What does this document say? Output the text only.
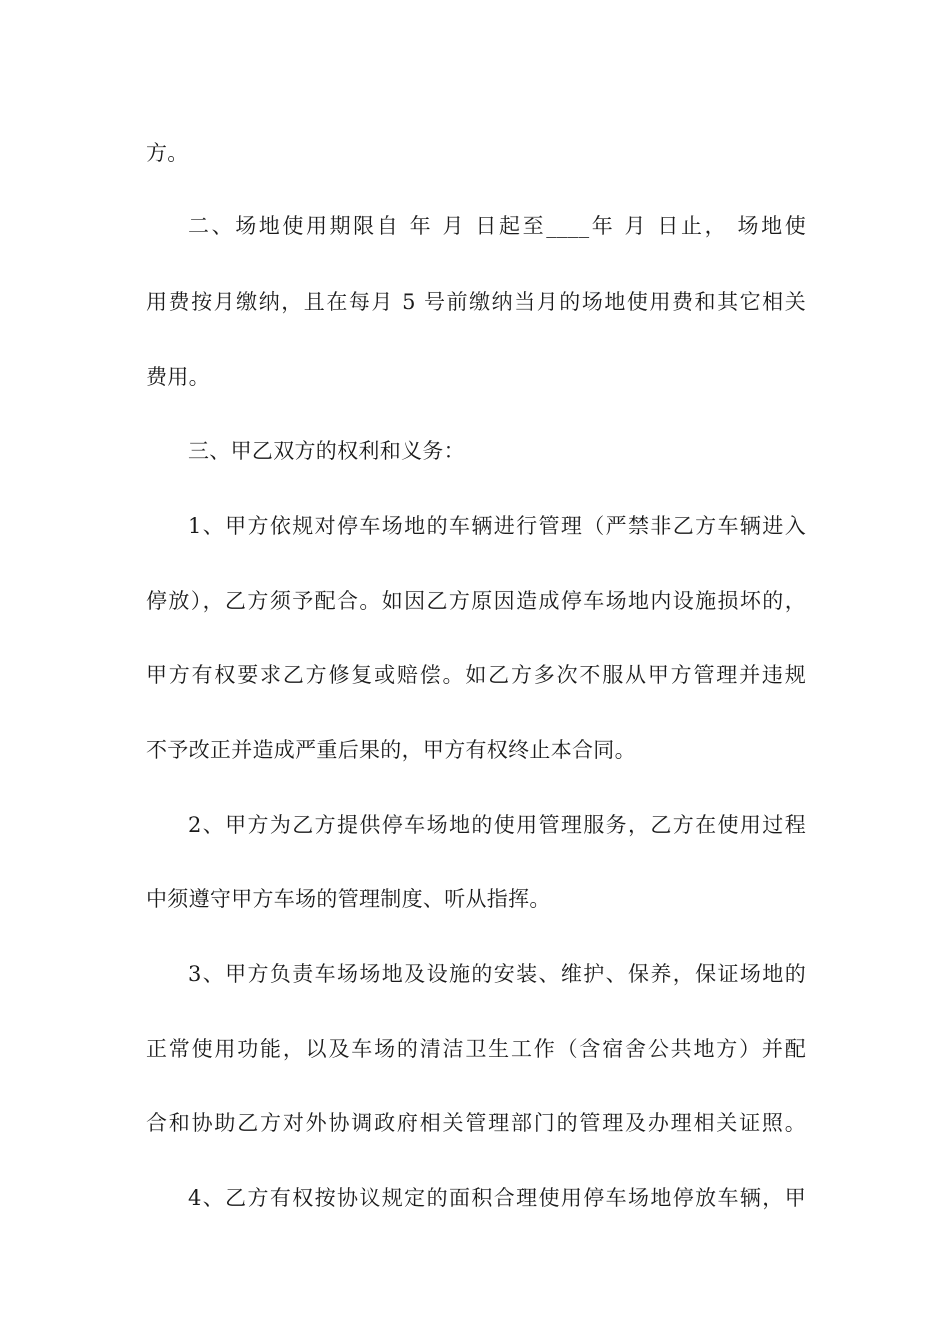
方。

二、场地使用期限自 年 月 日起至____年 月 日止， 场地使

用费按月缴纳，且在每月 5 号前缴纳当月的场地使用费和其它相关

费用。

三、甲乙双方的权利和义务：

1、甲方依规对停车场地的车辆进行管理（严禁非乙方车辆进入

停放），乙方须予配合。如因乙方原因造成停车场地内设施损坏的，

甲方有权要求乙方修复或赔偿。如乙方多次不服从甲方管理并违规

不予改正并造成严重后果的，甲方有权终止本合同。

2、甲方为乙方提供停车场地的使用管理服务，乙方在使用过程

中须遵守甲方车场的管理制度、听从指挥。

3、甲方负责车场场地及设施的安装、维护、保养，保证场地的

正常使用功能，以及车场的清洁卫生工作（含宿舍公共地方）并配

合和协助乙方对外协调政府相关管理部门的管理及办理相关证照。

4、乙方有权按协议规定的面积合理使用停车场地停放车辆，甲
